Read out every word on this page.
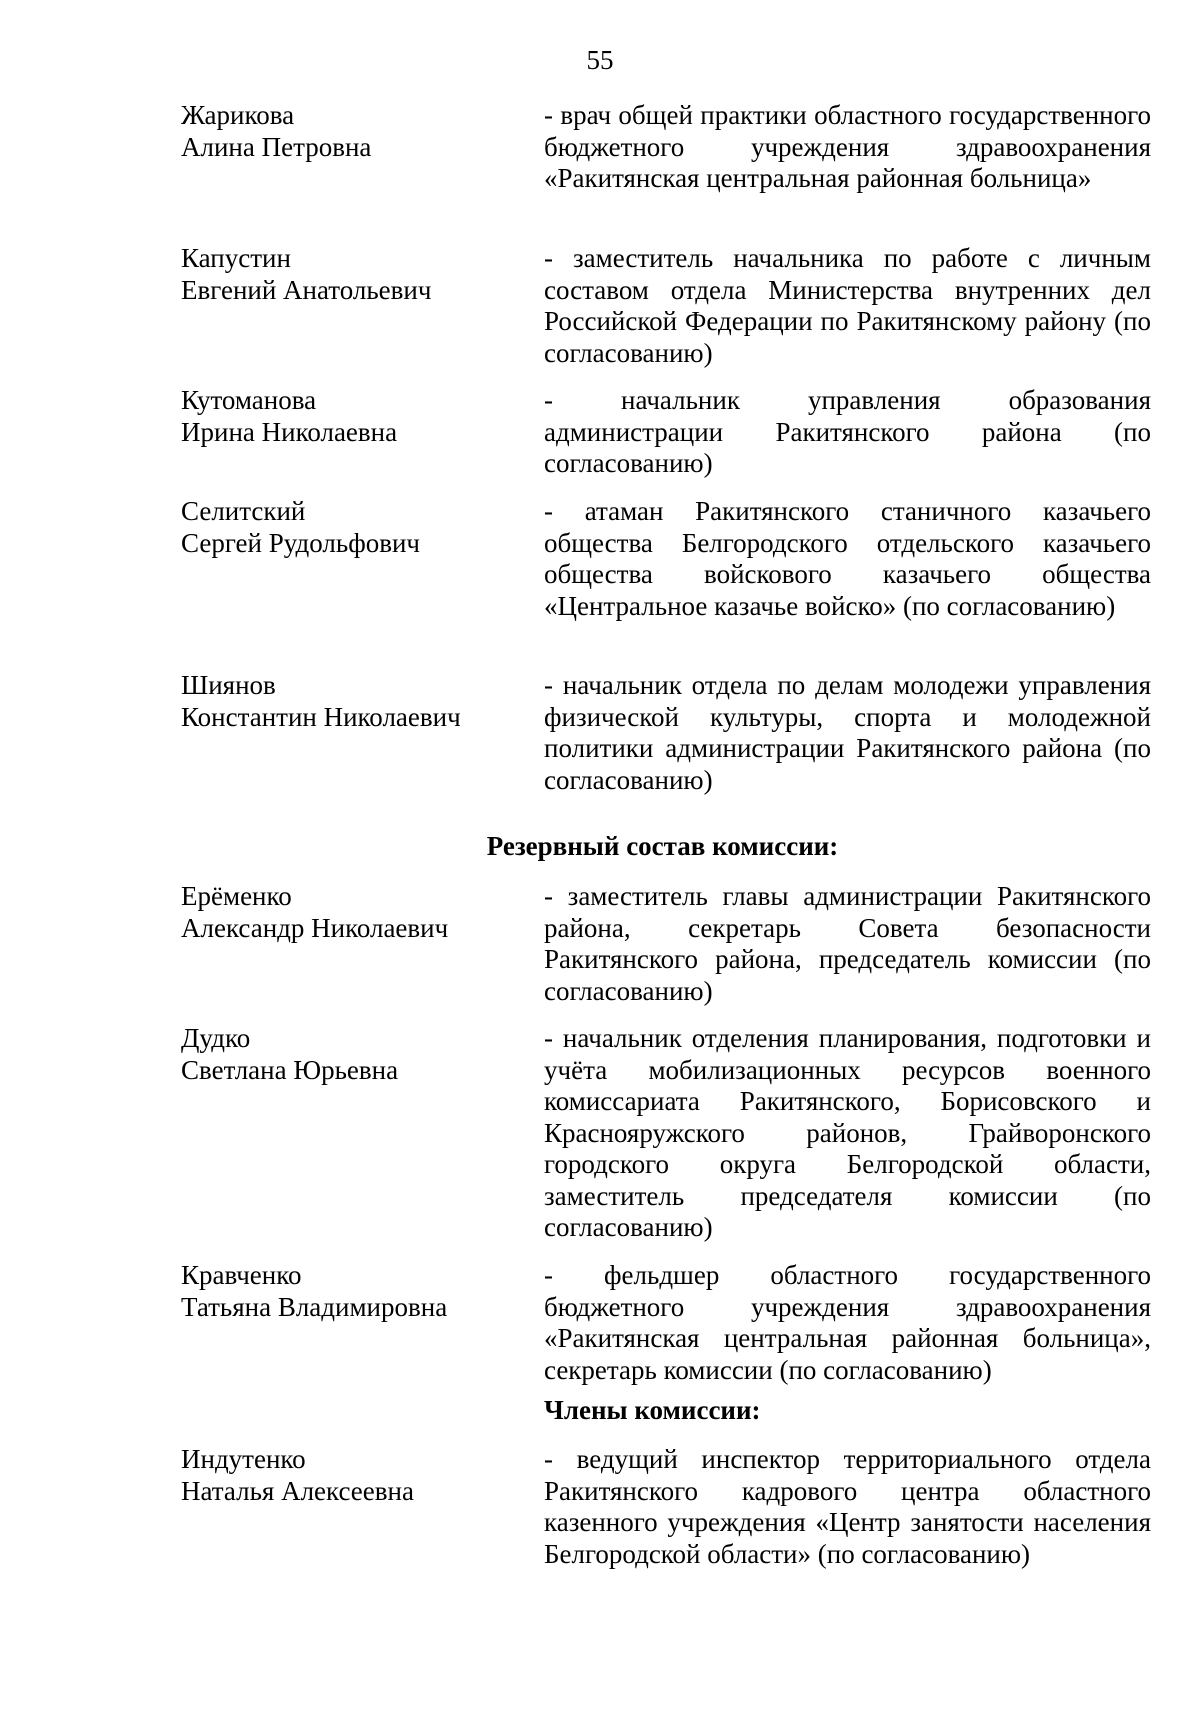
55
Жарикова
Алина Петровна
- врач общей практики областного государственного бюджетного учреждения здравоохранения «Ракитянская центральная районная больница»
Капустин
Евгений Анатольевич
- заместитель начальника по работе с личным составом отдела Министерства внутренних дел Российской Федерации по Ракитянскому району (по согласованию)
Кутоманова
Ирина Николаевна
- начальник управления образования администрации Ракитянского района (по согласованию)
Селитский
Сергей Рудольфович
- атаман Ракитянского станичного казачьего общества Белгородского отдельского казачьего общества войскового казачьего общества «Центральное казачье войско» (по согласованию)
Шиянов
Константин Николаевич
- начальник отдела по делам молодежи управления физической культуры, спорта и молодежной политики администрации Ракитянского района (по согласованию)
Резервный состав комиссии:
Ерёменко
Александр Николаевич
- заместитель главы администрации Ракитянского района, секретарь Совета безопасности Ракитянского района, председатель комиссии (по согласованию)
Дудко
Светлана Юрьевна
- начальник отделения планирования, подготовки и учёта мобилизационных ресурсов военного комиссариата Ракитянского, Борисовского и Краснояружского районов, Грайворонского городского округа Белгородской области, заместитель председателя комиссии (по согласованию)
Кравченко
Татьяна Владимировна
- фельдшер областного государственного бюджетного учреждения здравоохранения «Ракитянская центральная районная больница», секретарь комиссии (по согласованию)
Члены комиссии:
Индутенко
Наталья Алексеевна
- ведущий инспектор территориального отдела Ракитянского кадрового центра областного казенного учреждения «Центр занятости населения Белгородской области» (по согласованию)
